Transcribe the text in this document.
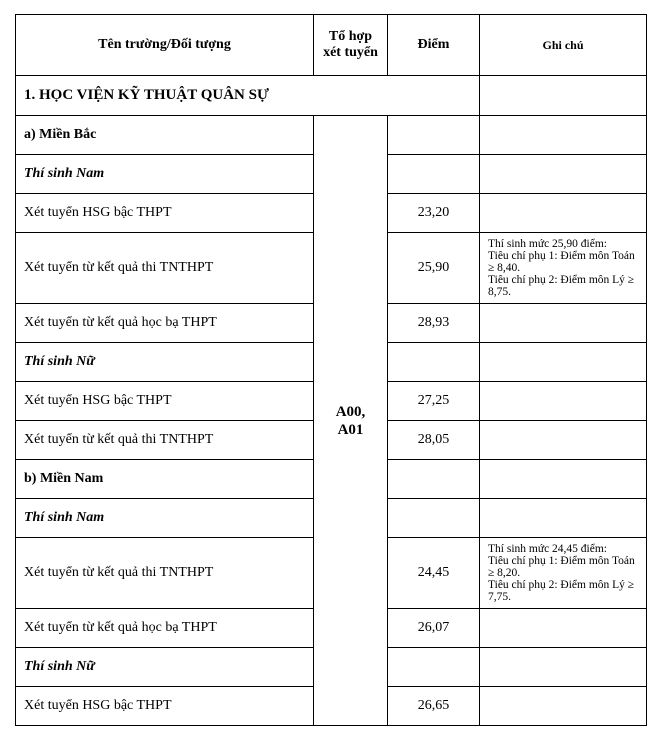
Tên trường/Đối tượng	Tổ hợp
xét tuyển	Điểm	Ghi chú
1. HỌC VIỆN KỸ THUẬT QUÂN SỰ			
a) Miền Bắc	A00,
A01		
Thí sinh Nam			
Xét tuyển HSG bậc THPT		23,20	
Xét tuyển từ kết quả thi TNTHPT		25,90	Thí sinh mức 25,90 điểm:
Tiêu chí phụ 1: Điểm môn Toán
≥ 8,40.
Tiêu chí phụ 2: Điểm môn Lý ≥
8,75.

Xét tuyển từ kết quả học bạ THPT		28,93	
Thí sinh Nữ			
Xét tuyển HSG bậc THPT		27,25	
Xét tuyển từ kết quả thi TNTHPT		28,05	
b) Miền Nam			
Thí sinh Nam			
Xét tuyển từ kết quả thi TNTHPT		24,45	Thí sinh mức 24,45 điểm:
Tiêu chí phụ 1: Điểm môn Toán
≥ 8,20.
Tiêu chí phụ 2: Điểm môn Lý ≥
7,75.

Xét tuyển từ kết quả học bạ THPT		26,07	
Thí sinh Nữ			
Xét tuyển HSG bậc THPT		26,65	
